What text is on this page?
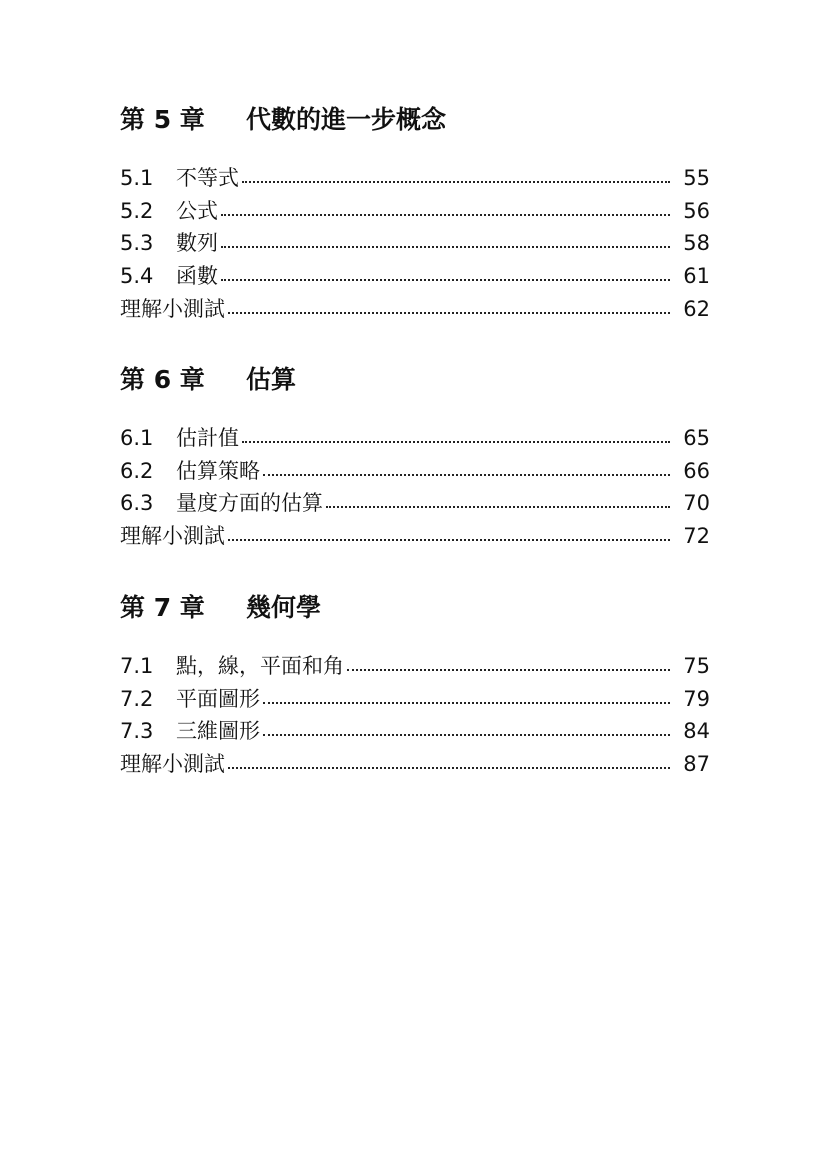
第 5 章 代數的進一步概念
5.1	不等式	55
5.2	公式	56
5.3	數列	58
5.4	函數	61
理解小測試	62
第 6 章 估算
6.1	估計值	65
6.2	估算策略	66
6.3	量度方面的估算	70
理解小測試	72
第 7 章 幾何學
7.1	點，線，平面和角	75
7.2	平面圖形	79
7.3	三維圖形	84
理解小測試	87
